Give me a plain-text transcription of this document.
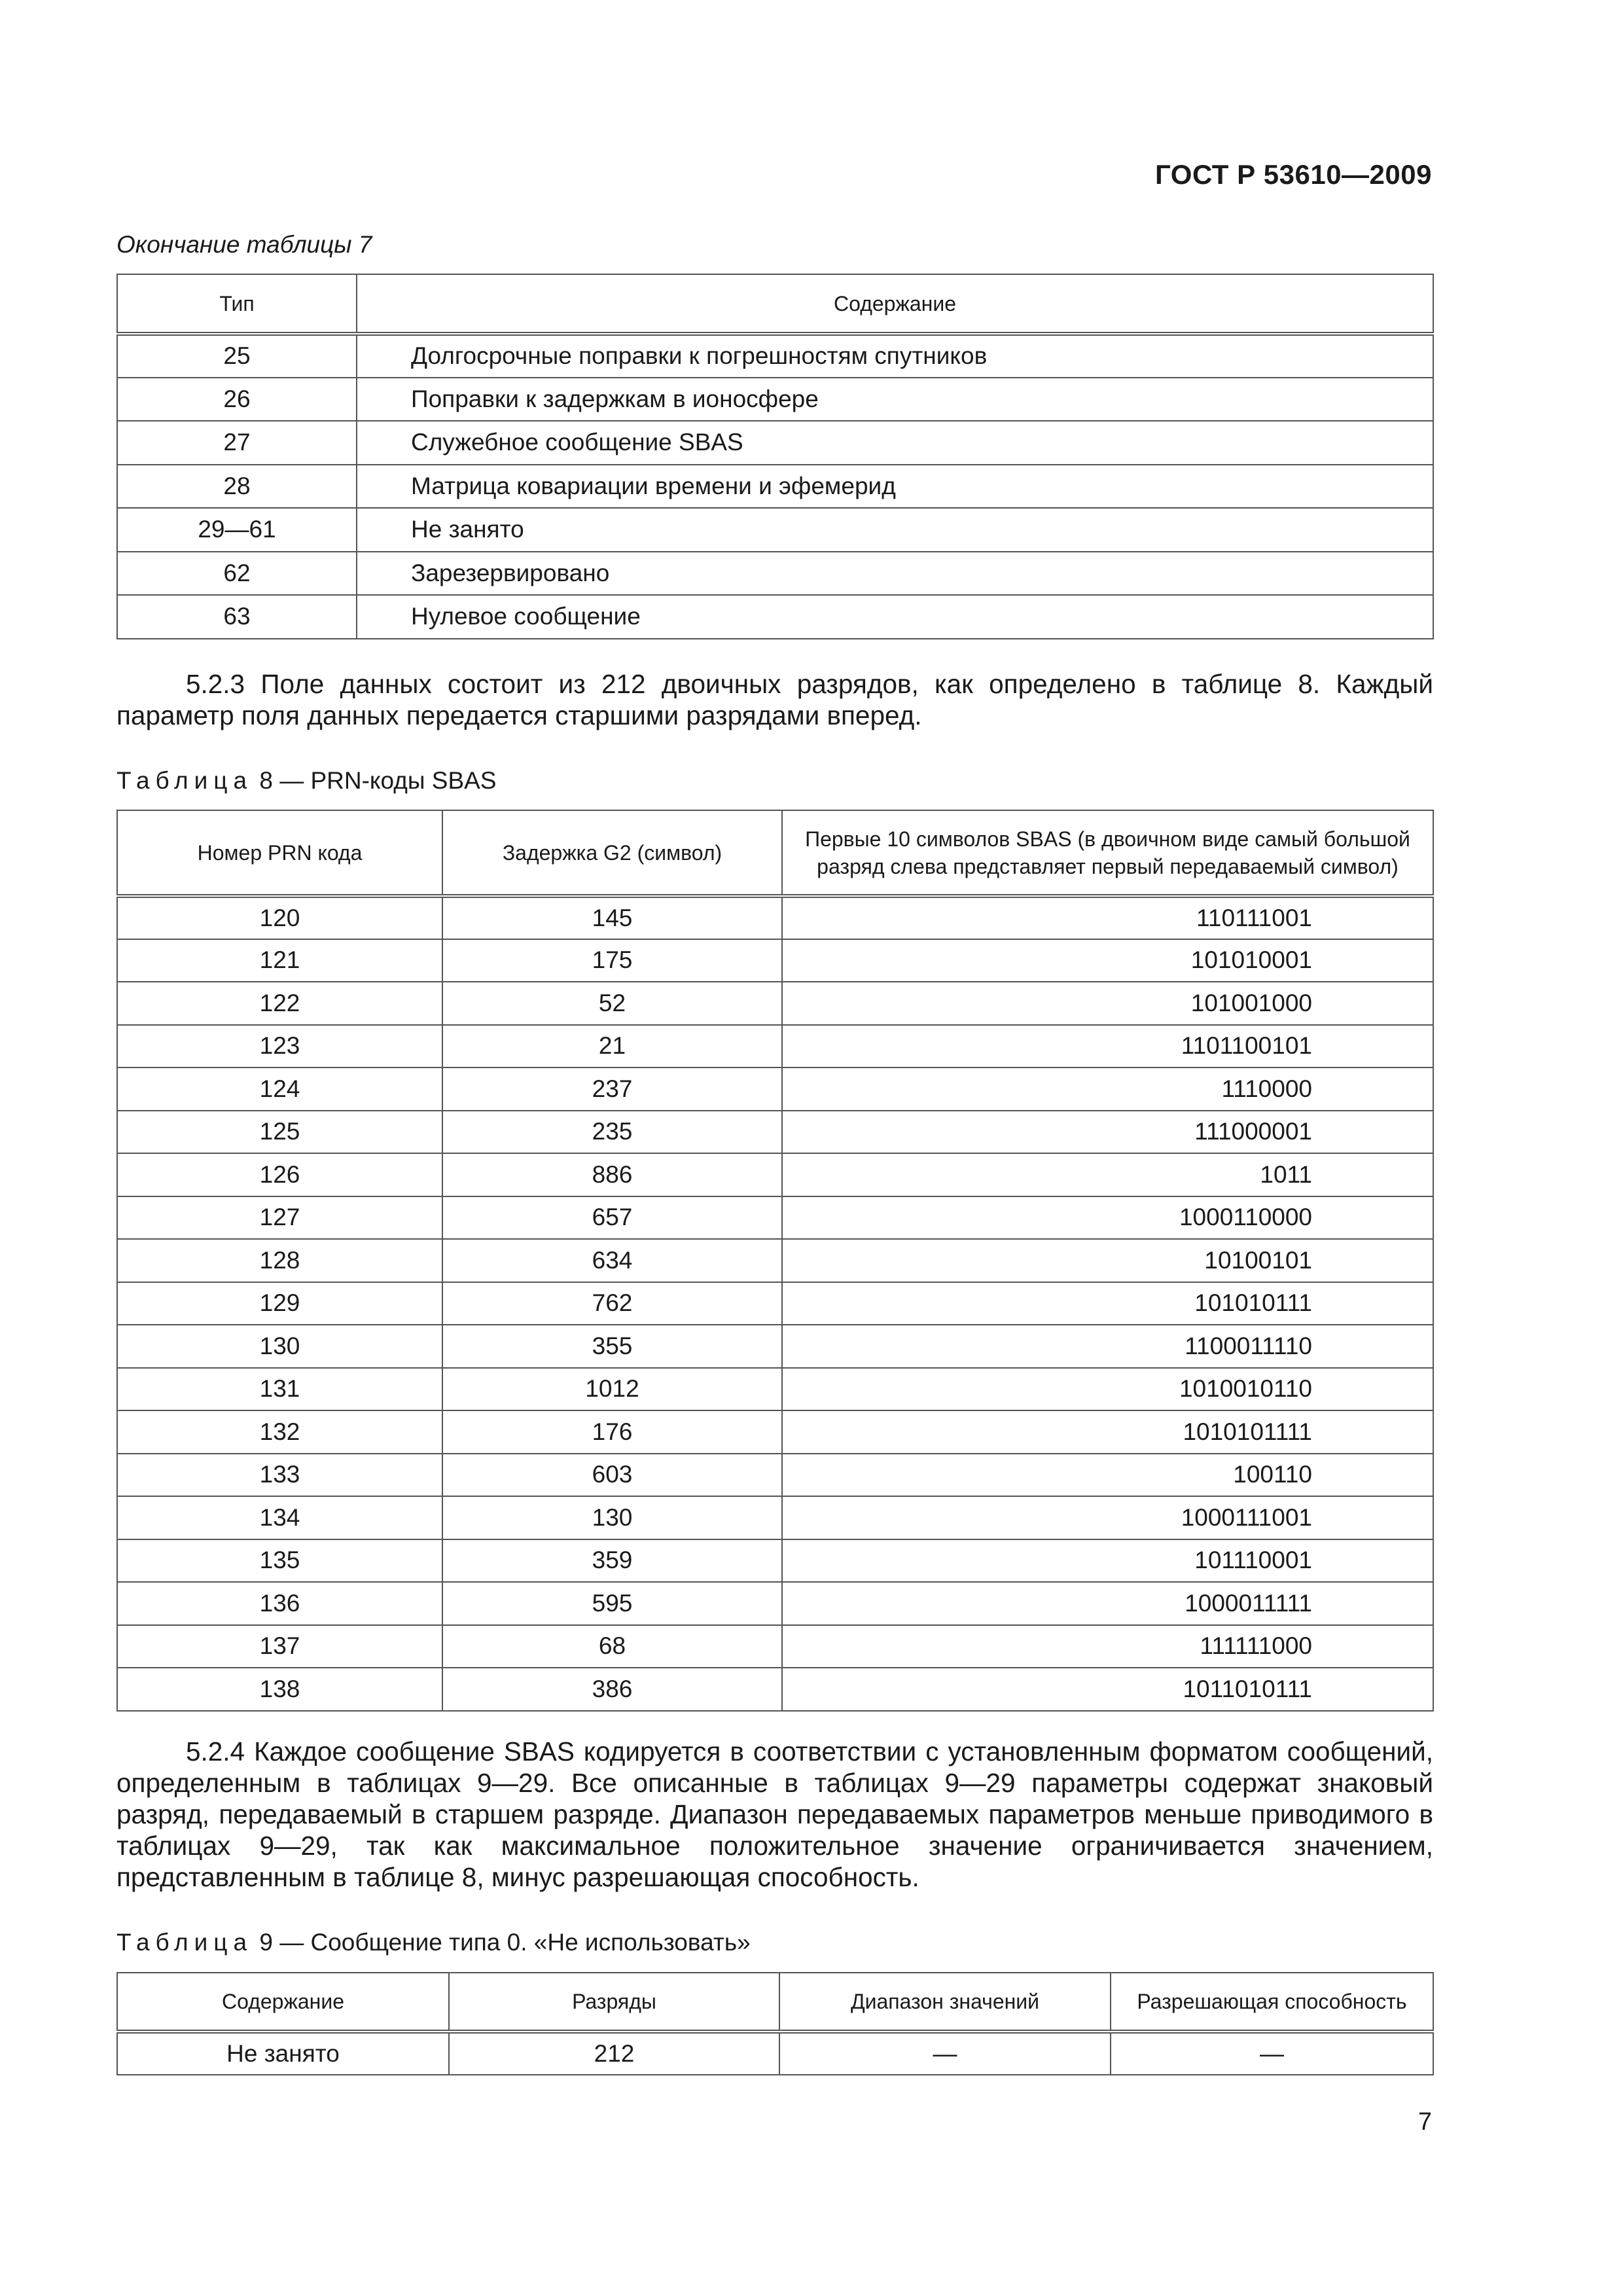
ГОСТ Р 53610—2009
Окончание таблицы 7
Тип	Содержание
25	Долгосрочные поправки к погрешностям спутников
26	Поправки к задержкам в ионосфере
27	Служебное сообщение SBAS
28	Матрица ковариации времени и эфемерид
29—61	Не занято
62	Зарезервировано
63	Нулевое сообщение

5.2.3 Поле данных состоит из 212 двоичных разрядов, как определено в таблице 8. Каждый параметр поля данных передается старшими разрядами вперед.

Таблица 8 — PRN-коды SBAS
Номер PRN кода	Задержка G2 (символ)	Первые 10 символов SBAS (в двоичном виде самый большой разряд слева представляет первый передаваемый символ)
120	145	110111001
121	175	101010001
122	52	101001000
123	21	1101100101
124	237	1110000
125	235	111000001
126	886	1011
127	657	1000110000
128	634	10100101
129	762	101010111
130	355	1100011110
131	1012	1010010110
132	176	1010101111
133	603	100110
134	130	1000111001
135	359	101110001
136	595	1000011111
137	68	111111000
138	386	1011010111

5.2.4 Каждое сообщение SBAS кодируется в соответствии с установленным форматом сообщений, определенным в таблицах 9—29. Все описанные в таблицах 9—29 параметры содержат знаковый разряд, передаваемый в старшем разряде. Диапазон передаваемых параметров меньше приводимого в таблицах 9—29, так как максимальное положительное значение ограничивается значением, представленным в таблице 8, минус разрешающая способность.

Таблица 9 — Сообщение типа 0. «Не использовать»
Содержание	Разряды	Диапазон значений	Разрешающая способность
Не занято	212	—	—
7
